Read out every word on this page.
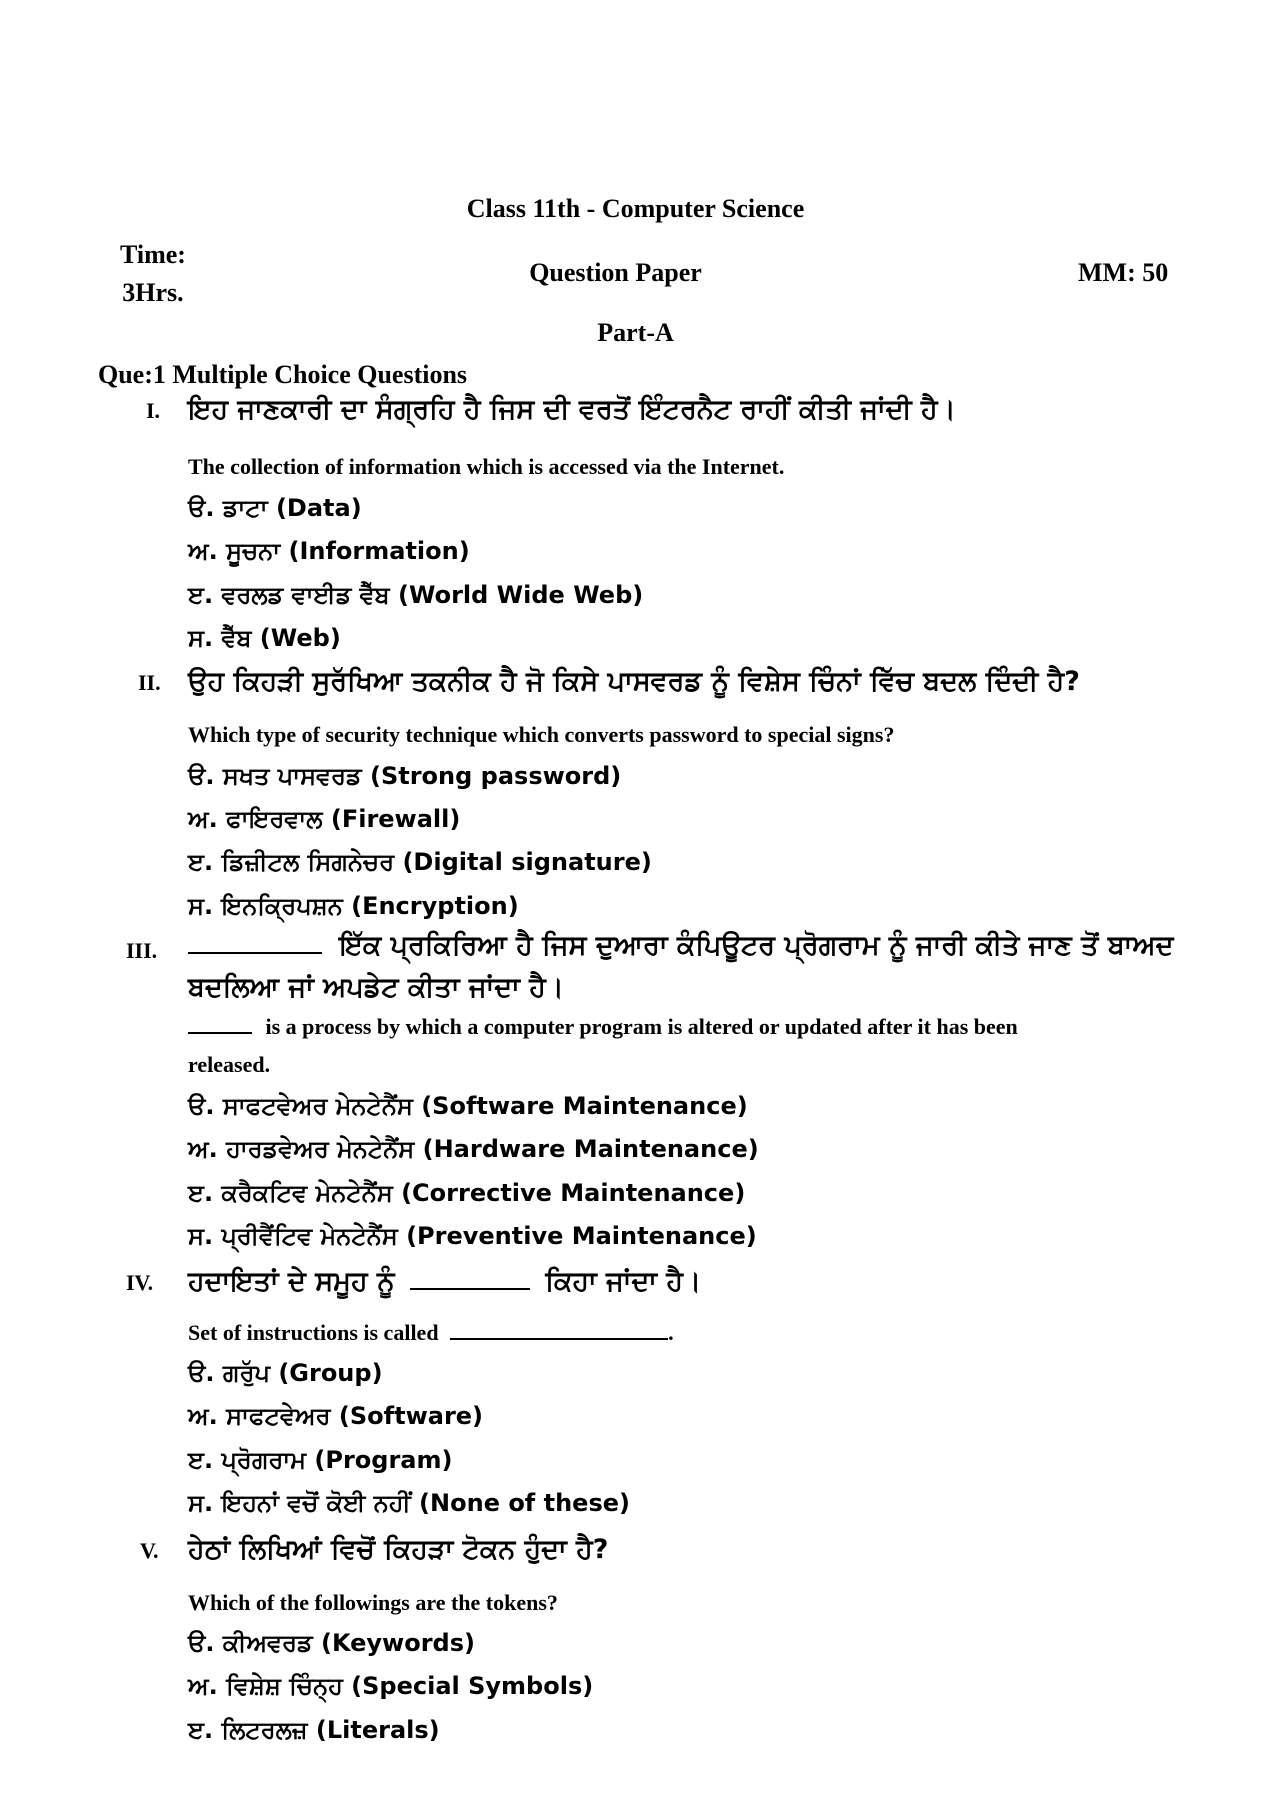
Class 11th - Computer Science
Time:
3Hrs.
Question Paper	MM: 50
Part-A
Que:1 Multiple Choice Questions
I. ਇਹ ਜਾਣਕਾਰੀ ਦਾ ਸੰਗ੍ਰਹਿ ਹੈ ਜਿਸ ਦੀ ਵਰਤੋਂ ਇੰਟਰਨੈਟ ਰਾਹੀਂ ਕੀਤੀ ਜਾਂਦੀ ਹੈ।
The collection of information which is accessed via the Internet.
ੳ. ਡਾਟਾ (Data)
ਅ. ਸੂਚਨਾ (Information)
ੲ. ਵਰਲਡ ਵਾਈਡ ਵੈੱਬ (World Wide Web)
ਸ. ਵੈੱਬ (Web)
II. ਉਹ ਕਿਹੜੀ ਸੁਰੱਖਿਆ ਤਕਨੀਕ ਹੈ ਜੋ ਕਿਸੇ ਪਾਸਵਰਡ ਨੂੰ ਵਿਸ਼ੇਸ ਚਿੰਨਾਂ ਵਿੱਚ ਬਦਲ ਦਿੰਦੀ ਹੈ?
Which type of security technique which converts password to special signs?
ੳ. ਸਖਤ ਪਾਸਵਰਡ (Strong password)
ਅ. ਫਾਇਰਵਾਲ (Firewall)
ੲ. ਡਿਜ਼ੀਟਲ ਸਿਗਨੇਚਰ (Digital signature)
ਸ. ਇਨਕ੍ਰਿਪਸ਼ਨ (Encryption)
III.	ਇੱਕ ਪ੍ਰਕਿਰਿਆ ਹੈ ਜਿਸ ਦੁਆਰਾ ਕੰਪਿਊਟਰ ਪ੍ਰੋਗਰਾਮ ਨੂੰ ਜਾਰੀ ਕੀਤੇ ਜਾਣ ਤੋਂ ਬਾਅਦ
ਬਦਲਿਆ ਜਾਂ ਅਪਡੇਟ ਕੀਤਾ ਜਾਂਦਾ ਹੈ।
is a process by which a computer program is altered or updated after it has been
released.
ੳ. ਸਾਫਟਵੇਅਰ ਮੇਨਟੇਨੈਂਸ (Software Maintenance)
ਅ. ਹਾਰਡਵੇਅਰ ਮੇਨਟੇਨੈਂਸ (Hardware Maintenance)
ੲ. ਕਰੈਕਟਿਵ ਮੇਨਟੇਨੈਂਸ (Corrective Maintenance)
ਸ. ਪ੍ਰੀਵੈਂਟਿਵ ਮੇਨਟੇਨੈਂਸ (Preventive Maintenance)
IV. ਹਦਾਇਤਾਂ ਦੇ ਸਮੂਹ ਨੂੰ	ਕਿਹਾ ਜਾਂਦਾ ਹੈ।
Set of instructions is called	.
ੳ. ਗਰੁੱਪ (Group)
ਅ. ਸਾਫਟਵੇਅਰ (Software)
ੲ. ਪ੍ਰੋਗਰਾਮ (Program)
ਸ. ਇਹਨਾਂ ਵਚੋਂ ਕੋਈ ਨਹੀਂ (None of these)
V. ਹੇਠਾਂ ਲਿਖਿਆਂ ਵਿਚੋਂ ਕਿਹੜਾ ਟੋਕਨ ਹੁੰਦਾ ਹੈ?
Which of the followings are the tokens?
ੳ. ਕੀਅਵਰਡ (Keywords)
ਅ. ਵਿਸ਼ੇਸ਼ ਚਿੰਨ੍ਹ (Special Symbols)
ੲ. ਲਿਟਰਲਜ਼ (Literals)
